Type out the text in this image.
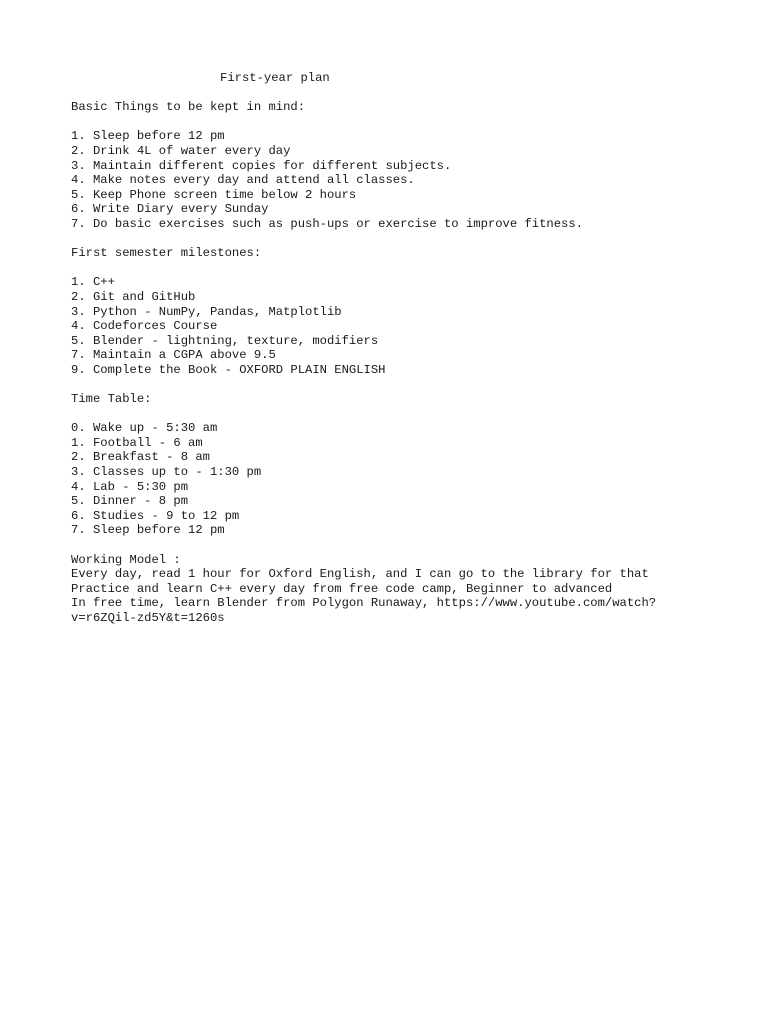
First-year plan
Basic Things to be kept in mind:
1. Sleep before 12 pm
2. Drink 4L of water every day
3. Maintain different copies for different subjects.
4. Make notes every day and attend all classes.
5. Keep Phone screen time below 2 hours
6. Write Diary every Sunday
7. Do basic exercises such as push-ups or exercise to improve fitness.
First semester milestones:
1. C++
2. Git and GitHub
3. Python - NumPy, Pandas, Matplotlib
4. Codeforces Course
5. Blender - lightning, texture, modifiers
7. Maintain a CGPA above 9.5
9. Complete the Book - OXFORD PLAIN ENGLISH
Time Table:
0. Wake up - 5:30 am
1. Football - 6 am
2. Breakfast - 8 am
3. Classes up to - 1:30 pm
4. Lab - 5:30 pm
5. Dinner - 8 pm
6. Studies - 9 to 12 pm
7. Sleep before 12 pm
Working Model :
Every day, read 1 hour for Oxford English, and I can go to the library for that
Practice and learn C++ every day from free code camp, Beginner to advanced
In free time, learn Blender from Polygon Runaway, https://www.youtube.com/watch?
v=r6ZQil-zd5Y&t=1260s
